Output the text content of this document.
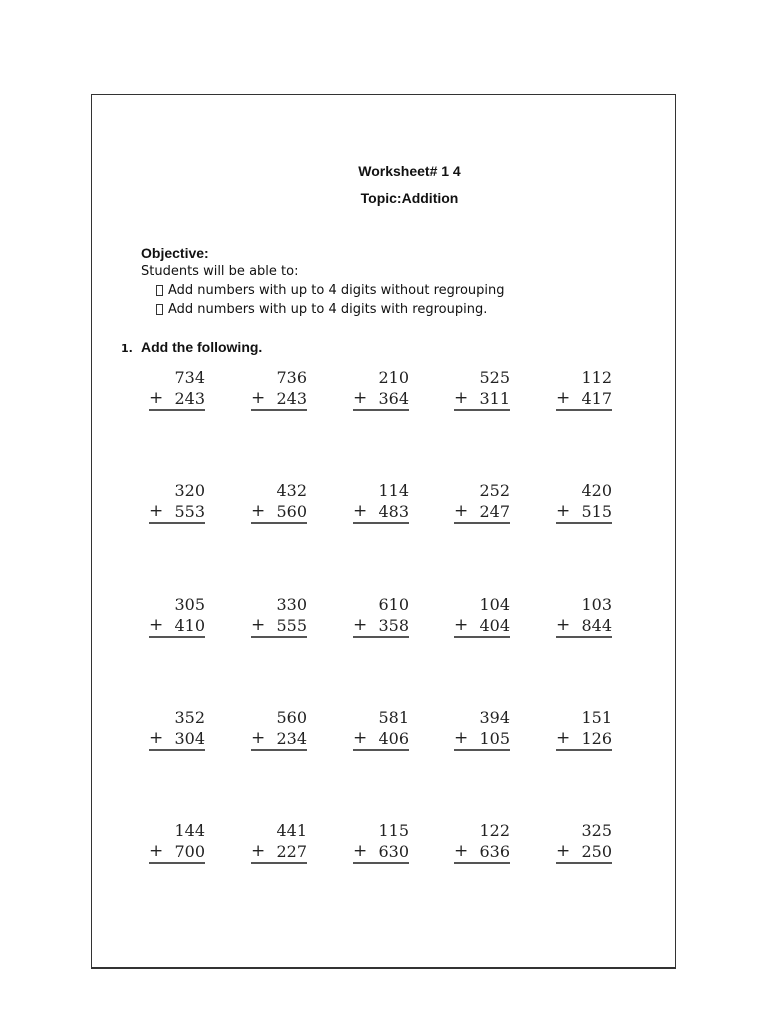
Worksheet# 1 4
Topic:Addition
Objective:
Students will be able to:
Add numbers with up to 4 digits without regrouping
Add numbers with up to 4 digits with regrouping.
1. Add the following.
734
+ 243
736
+ 243
210
+ 364
525
+ 311
112
+ 417
320
+ 553
432
+ 560
114
+ 483
252
+ 247
420
+ 515
305
+ 410
330
+ 555
610
+ 358
104
+ 404
103
+ 844
352
+ 304
560
+ 234
581
+ 406
394
+ 105
151
+ 126
144
+ 700
441
+ 227
115
+ 630
122
+ 636
325
+ 250
